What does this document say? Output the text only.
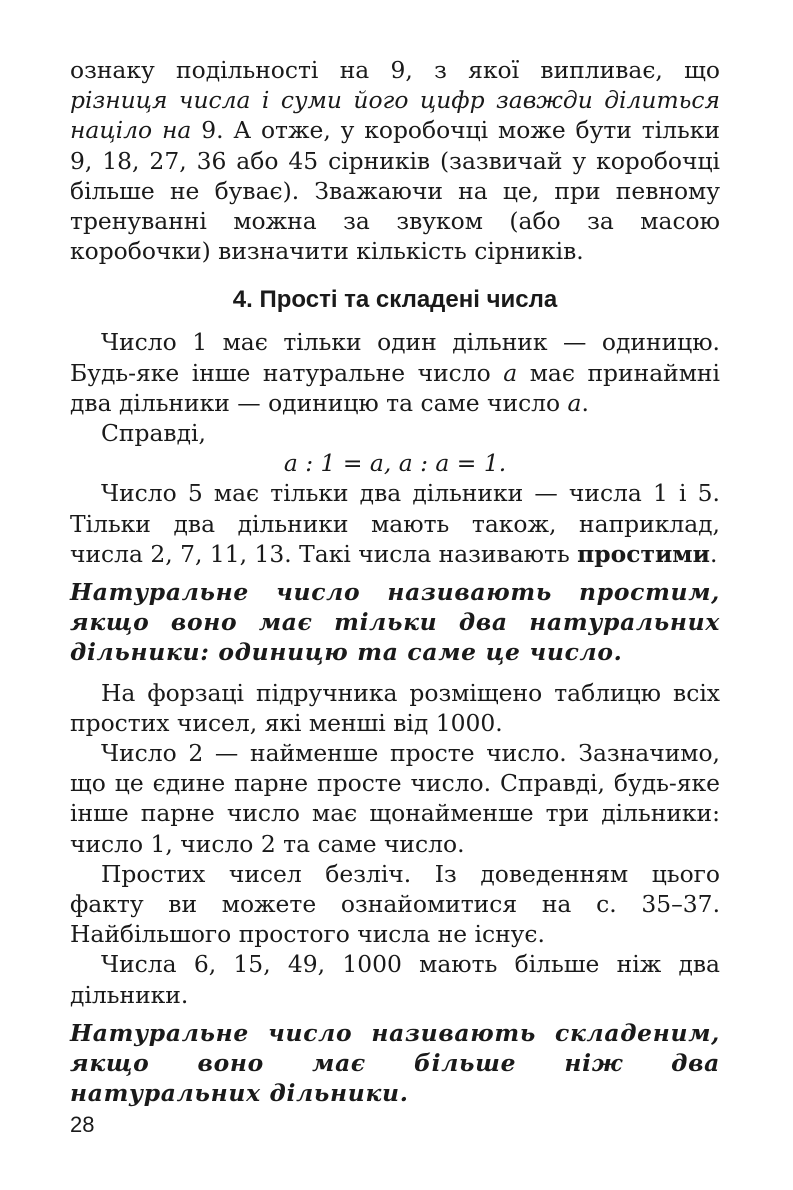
ознаку подільності на 9, з якої випливає, що різниця числа і суми його цифр завжди ділиться націло на 9. А отже, у коробочці може бути тільки 9, 18, 27, 36 або 45 сірників (зазвичай у коробочці більше не буває). Зважаючи на це, при певному тренуванні можна за звуком (або за масою коробочки) визначити кількість сірників.

4. Прості та складені числа

Число 1 має тільки один дільник — одиницю. Будь-яке інше натуральне число a має принаймні два дільники — одиницю та саме число a.

Справді,

a : 1 = a, a : a = 1.

Число 5 має тільки два дільники — числа 1 і 5. Тільки два дільники мають також, наприклад, числа 2, 7, 11, 13. Такі числа називають простими.

Натуральне число називають простим, якщо воно має тільки два натуральних дільники: одиницю та саме це число.

На форзаці підручника розміщено таблицю всіх простих чисел, які менші від 1000.

Число 2 — найменше просте число. Зазначимо, що це єдине парне просте число. Справді, будь-яке інше парне число має щонайменше три дільники: число 1, число 2 та саме число.

Простих чисел безліч. Із доведенням цього факту ви можете ознайомитися на с. 35–37. Найбільшого простого числа не існує.

Числа 6, 15, 49, 1000 мають більше ніж два дільники.

Натуральне число називають складеним, якщо воно має більше ніж два натуральних дільники.

28
